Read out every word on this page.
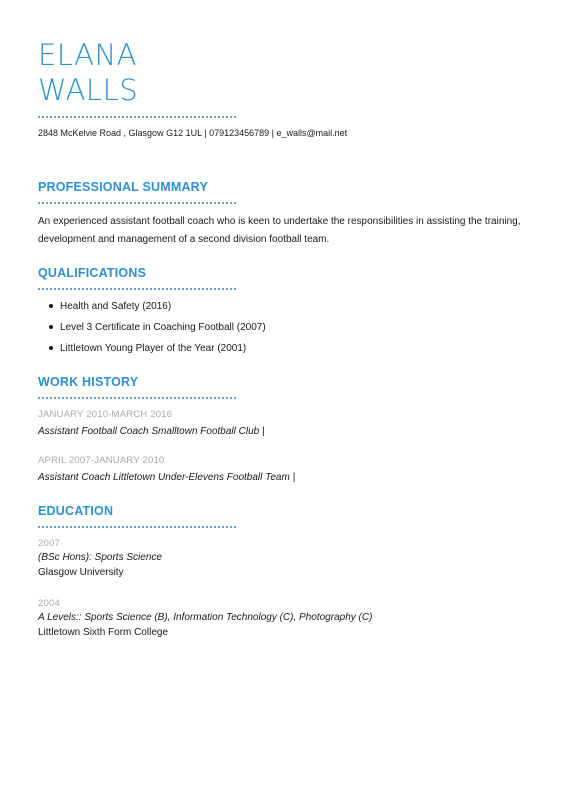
ELANA
WALLS
2848 McKelvie Road , Glasgow G12 1UL | 079123456789 | e_walls@mail.net
PROFESSIONAL SUMMARY
An experienced assistant football coach who is keen to undertake the responsibilities in assisting the training, development and management of a second division football team.
QUALIFICATIONS
Health and Safety (2016)
Level 3 Certificate in Coaching Football (2007)
Littletown Young Player of the Year (2001)
WORK HISTORY
JANUARY 2010-MARCH 2016
Assistant Football Coach Smalltown Football Club |
APRIL 2007-JANUARY 2010
Assistant Coach Littletown Under-Elevens Football Team |
EDUCATION
2007
(BSc Hons): Sports Science
Glasgow University
2004
A Levels:: Sports Science (B), Information Technology (C), Photography (C)
Littletown Sixth Form College
